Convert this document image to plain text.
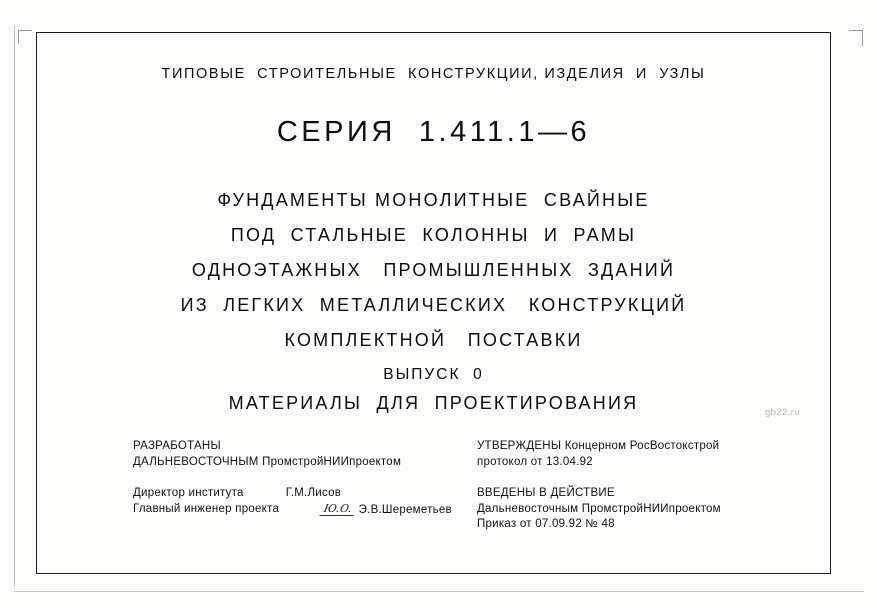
ТИПОВЫЕ  СТРОИТЕЛЬНЫЕ  КОНСТРУКЦИИ, ИЗДЕЛИЯ  И  УЗЛЫ
СЕРИЯ  1.411.1—6
ФУНДАМЕНТЫ МОНОЛИТНЫЕ  СВАЙНЫЕ
ПОД  СТАЛЬНЫЕ  КОЛОННЫ  И  РАМЫ
ОДНОЭТАЖНЫХ   ПРОМЫШЛЕННЫХ  ЗДАНИЙ
ИЗ  ЛЕГКИХ  МЕТАЛЛИЧЕСКИХ   КОНСТРУКЦИЙ
КОМПЛЕКТНОЙ   ПОСТАВКИ
ВЫПУСК  0
МАТЕРИАЛЫ  ДЛЯ  ПРОЕКТИРОВАНИЯ	gb22.ru
РАЗРАБОТАНЫ
ДАЛЬНЕВОСТОЧНЫМ ПромстройНИИпроектом
Директор института	Г.М.Лисов
Главный инженер проекта	Ю.О. Э.В.Шереметьев
УТВЕРЖДЕНЫ Концерном РосВостокстрой
протокол от 13.04.92
ВВЕДЕНЫ В ДЕЙСТВИЕ
Дальневосточным ПромстройНИИпроектом
Приказ от 07.09.92 № 48
